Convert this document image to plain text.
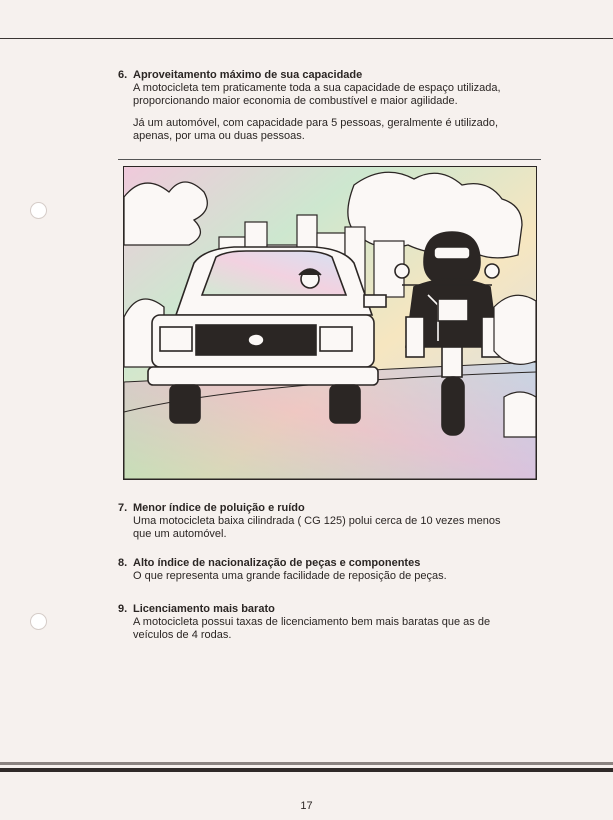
6. Aproveitamento máximo de sua capacidade

A motocicleta tem praticamente toda a sua capacidade de espaço utilizada, proporcionando maior economia de combustível e maior agilidade.

Já um automóvel, com capacidade para 5 pessoas, geralmente é utilizado, apenas, por uma ou duas pessoas.

7. Menor índice de poluição e ruído

Uma motocicleta baixa cilindrada ( CG 125) polui cerca de 10 vezes menos que um automóvel.

8. Alto índice de nacionalização de peças e componentes

O que representa uma grande facilidade de reposição de peças.

9. Licenciamento mais barato

A motocicleta possui taxas de licenciamento bem mais baratas que as de veículos de 4 rodas.

17
